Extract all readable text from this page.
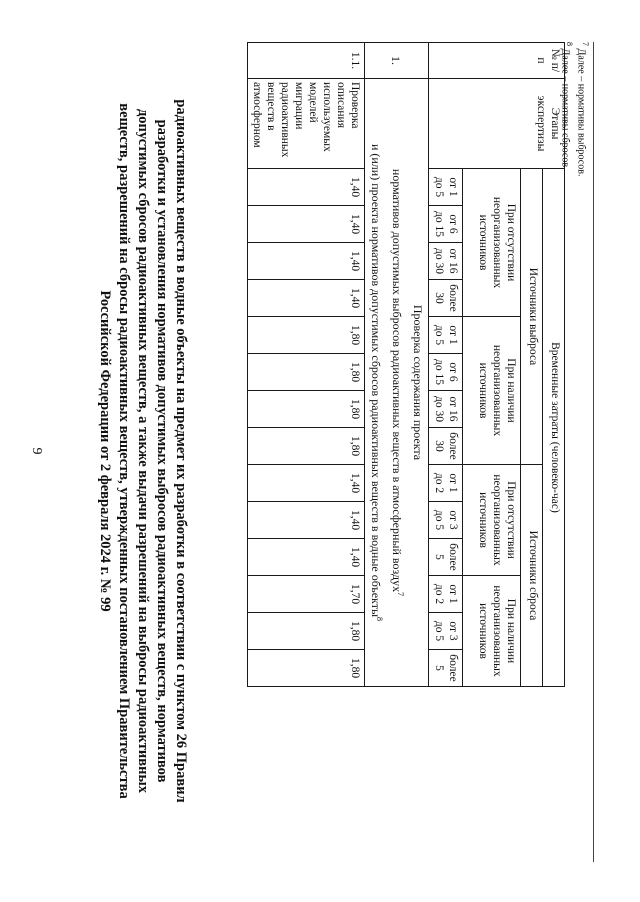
9	радиоактивных веществ в водные объекты на предмет их разработки в соответствии с пунктом 26 Правил
разработки и установления нормативов допустимых выбросов радиоактивных веществ, нормативов
допустимых сбросов радиоактивных веществ, а также выдачи разрешений на выбросы радиоактивных
веществ, разрешений на сбросы радиоактивных веществ, утвержденных постановлением Правительства
Российской Федерации от 2 февраля 2024 г. № 99
№ п/п	Этапы экспертизы	Временные затраты (человеко-час)													
		Источники выброса								Источники сброса					
		При отсутствии неорганизованных источников				При наличии неорганизованных источников				При отсутствии неорганизованных источников			При наличии неорганизованных источников		
		от 1 до 5	от 6 до 15	от 16 до 30	более 30	от 1 до 5	от 6 до 15	от 16 до 30	более 30	от 1 до 2	от 3 до 5	более 5	от 1 до 2	от 3 до 5	более 5
1.	Проверка содержания проекта
нормативов допустимых выбросов радиоактивных веществ в атмосферный воздух$^7$
и (или) проекта нормативов допустимых сбросов радиоактивных веществ в водные объекты$^8$

1.1.	Проверка описания используемых моделей миграции радиоактивных веществ в атмосферном	1,40	1,40	1,40	1,40	1,80	1,80	1,80	1,80	1,40	1,40	1,40	1,70	1,80	1,80
$^7$ Далее – нормативы выбросов.
$^8$ Далее – нормативы сбросов.
